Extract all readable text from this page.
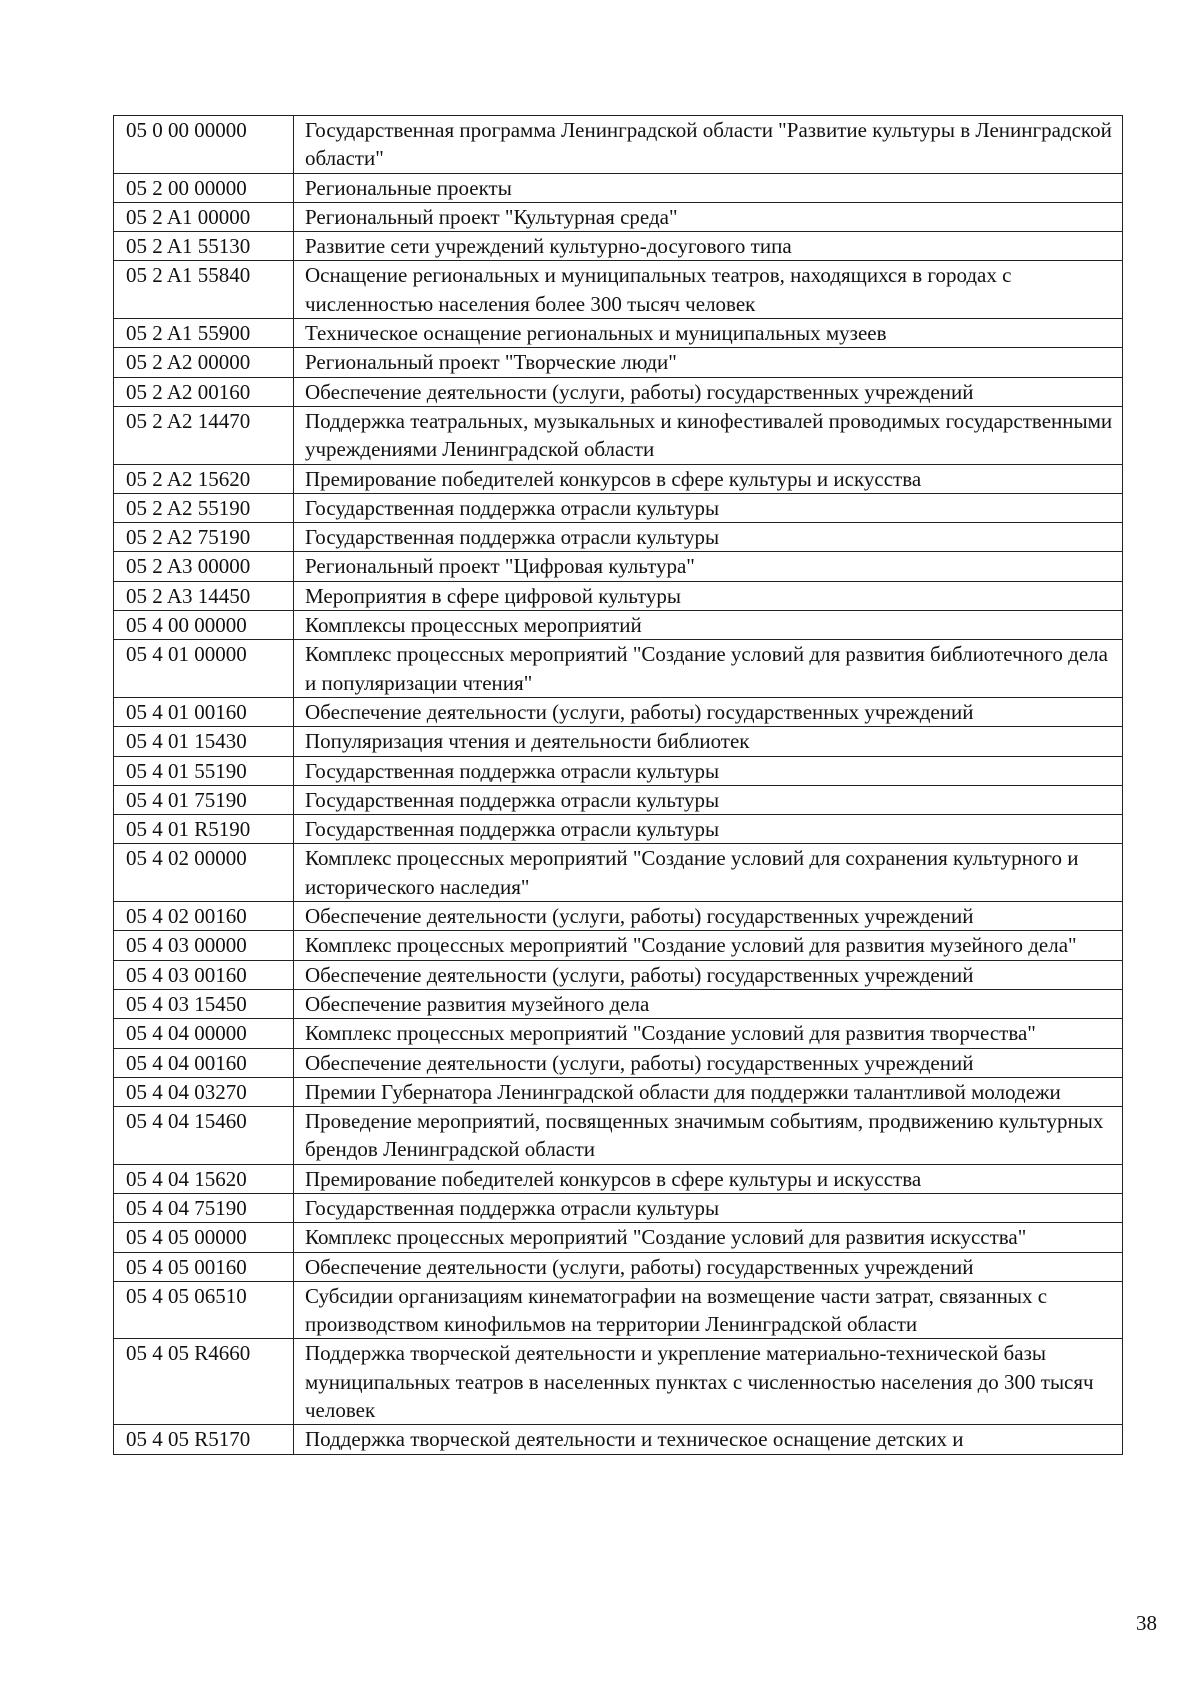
05 0 00 00000	Государственная программа Ленинградской области "Развитие культуры в Ленинградской области"
05 2 00 00000	Региональные проекты
05 2 A1 00000	Региональный проект "Культурная среда"
05 2 A1 55130	Развитие сети учреждений культурно-досугового типа
05 2 A1 55840	Оснащение региональных и муниципальных театров, находящихся в городах с численностью населения более 300 тысяч человек
05 2 A1 55900	Техническое оснащение региональных и муниципальных музеев
05 2 A2 00000	Региональный проект "Творческие люди"
05 2 A2 00160	Обеспечение деятельности (услуги, работы) государственных учреждений
05 2 A2 14470	Поддержка театральных, музыкальных и кинофестивалей проводимых государственными учреждениями Ленинградской области
05 2 A2 15620	Премирование победителей конкурсов в сфере культуры и искусства
05 2 A2 55190	Государственная поддержка отрасли культуры
05 2 A2 75190	Государственная поддержка отрасли культуры
05 2 A3 00000	Региональный проект "Цифровая культура"
05 2 A3 14450	Мероприятия в сфере цифровой культуры
05 4 00 00000	Комплексы процессных мероприятий
05 4 01 00000	Комплекс процессных мероприятий "Создание условий для развития библиотечного дела и популяризации чтения"
05 4 01 00160	Обеспечение деятельности (услуги, работы) государственных учреждений
05 4 01 15430	Популяризация чтения и деятельности библиотек
05 4 01 55190	Государственная поддержка отрасли культуры
05 4 01 75190	Государственная поддержка отрасли культуры
05 4 01 R5190	Государственная поддержка отрасли культуры
05 4 02 00000	Комплекс процессных мероприятий "Создание условий для сохранения культурного и исторического наследия"
05 4 02 00160	Обеспечение деятельности (услуги, работы) государственных учреждений
05 4 03 00000	Комплекс процессных мероприятий "Создание условий для развития музейного дела"
05 4 03 00160	Обеспечение деятельности (услуги, работы) государственных учреждений
05 4 03 15450	Обеспечение развития музейного дела
05 4 04 00000	Комплекс процессных мероприятий "Создание условий для развития творчества"
05 4 04 00160	Обеспечение деятельности (услуги, работы) государственных учреждений
05 4 04 03270	Премии Губернатора Ленинградской области для поддержки талантливой молодежи
05 4 04 15460	Проведение мероприятий, посвященных значимым событиям, продвижению культурных брендов Ленинградской области
05 4 04 15620	Премирование победителей конкурсов в сфере культуры и искусства
05 4 04 75190	Государственная поддержка отрасли культуры
05 4 05 00000	Комплекс процессных мероприятий "Создание условий для развития искусства"
05 4 05 00160	Обеспечение деятельности (услуги, работы) государственных учреждений
05 4 05 06510	Субсидии организациям кинематографии на возмещение части затрат, связанных с производством кинофильмов на территории Ленинградской области
05 4 05 R4660	Поддержка творческой деятельности и укрепление материально-технической базы муниципальных театров в населенных пунктах с численностью населения до 300 тысяч человек
05 4 05 R5170	Поддержка творческой деятельности и техническое оснащение детских и
38
